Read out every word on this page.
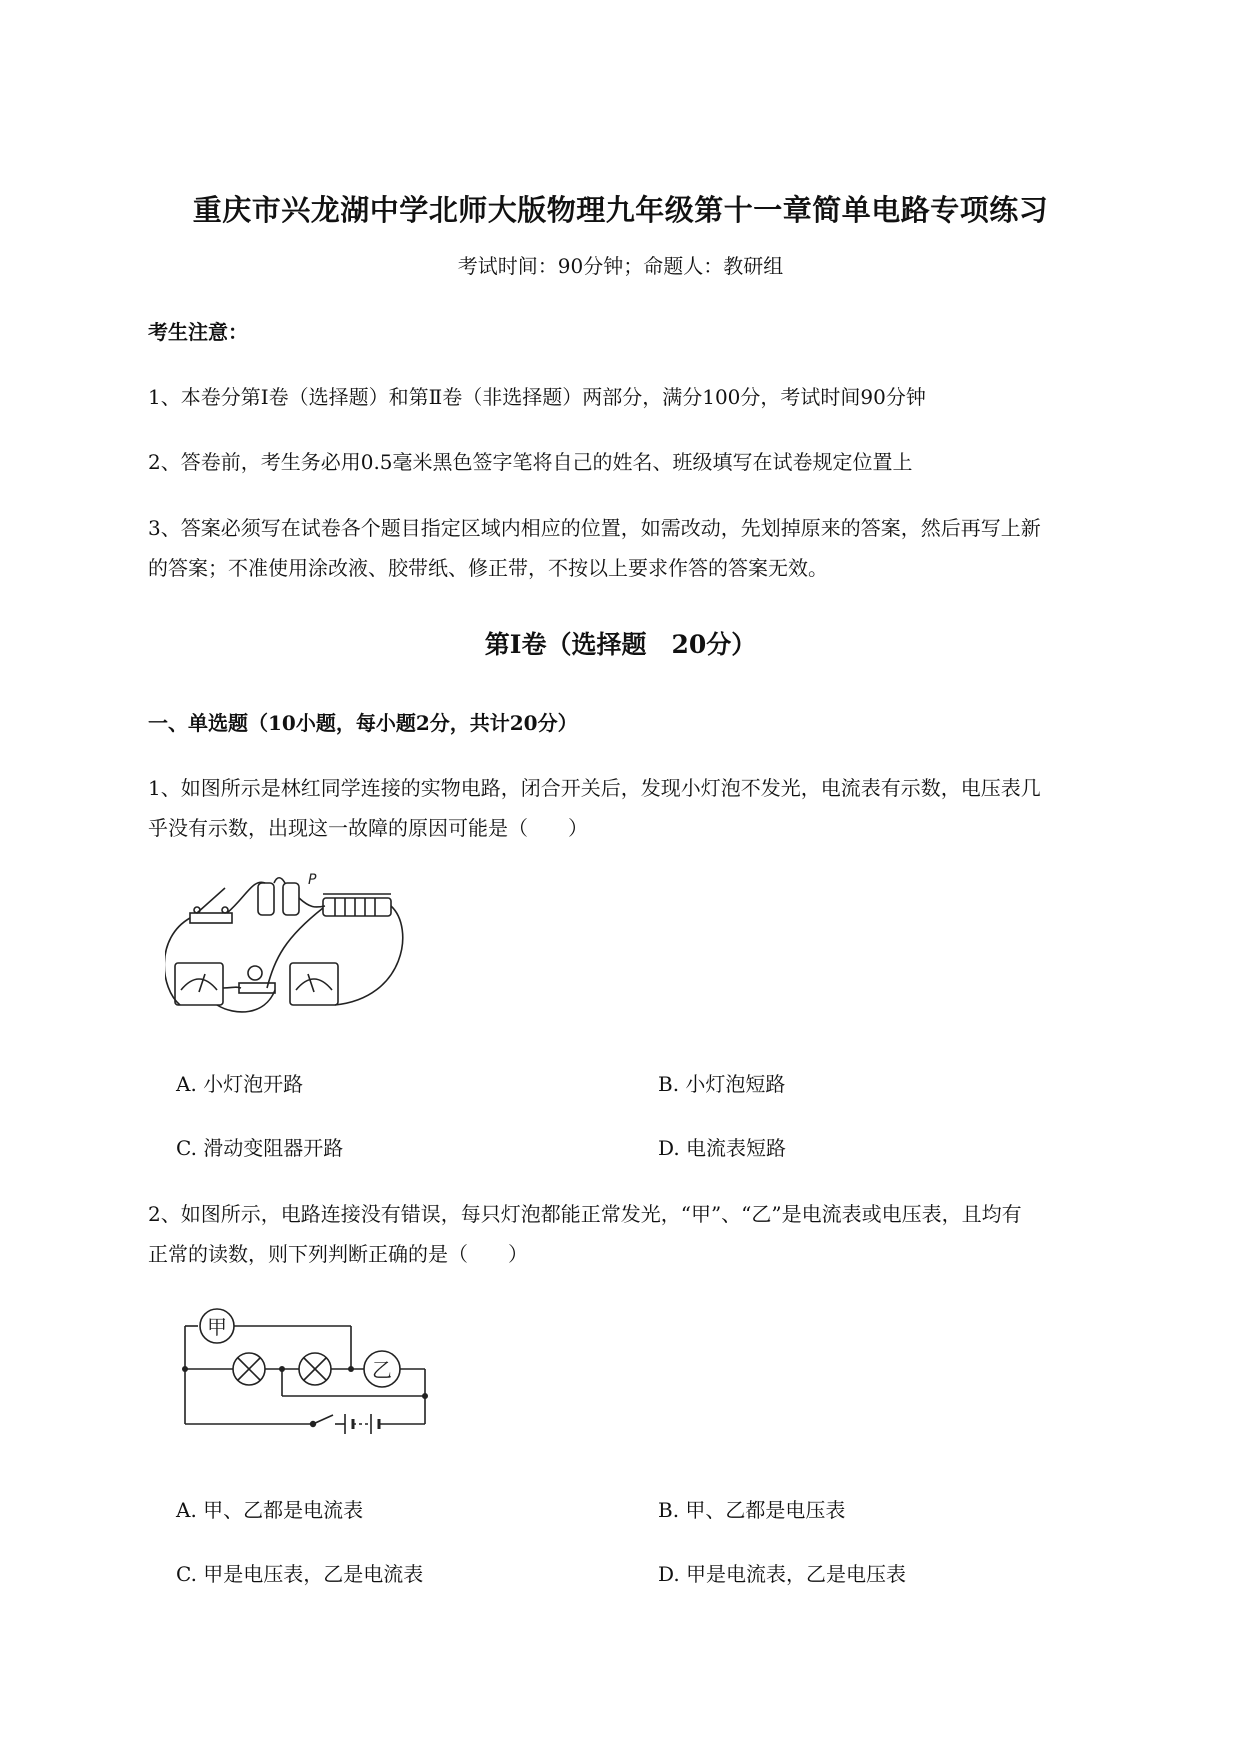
重庆市兴龙湖中学北师大版物理九年级第十一章简单电路专项练习
考试时间：90分钟；命题人：教研组
考生注意：
1、本卷分第I卷（选择题）和第Ⅱ卷（非选择题）两部分，满分100分，考试时间90分钟
2、答卷前，考生务必用0.5毫米黑色签字笔将自己的姓名、班级填写在试卷规定位置上
3、答案必须写在试卷各个题目指定区域内相应的位置，如需改动，先划掉原来的答案，然后再写上新
的答案；不准使用涂改液、胶带纸、修正带，不按以上要求作答的答案无效。
第I卷（选择题　20分）
一、单选题（10小题，每小题2分，共计20分）
1、如图所示是林红同学连接的实物电路，闭合开关后，发现小灯泡不发光，电流表有示数，电压表几
乎没有示数，出现这一故障的原因可能是（　　）
P
A. 小灯泡开路	B. 小灯泡短路
C. 滑动变阻器开路	D. 电流表短路
2、如图所示，电路连接没有错误，每只灯泡都能正常发光，“甲”、“乙”是电流表或电压表，且均有
正常的读数，则下列判断正确的是（　　）
甲
乙
A. 甲、乙都是电流表	B. 甲、乙都是电压表
C. 甲是电压表，乙是电流表	D. 甲是电流表，乙是电压表
